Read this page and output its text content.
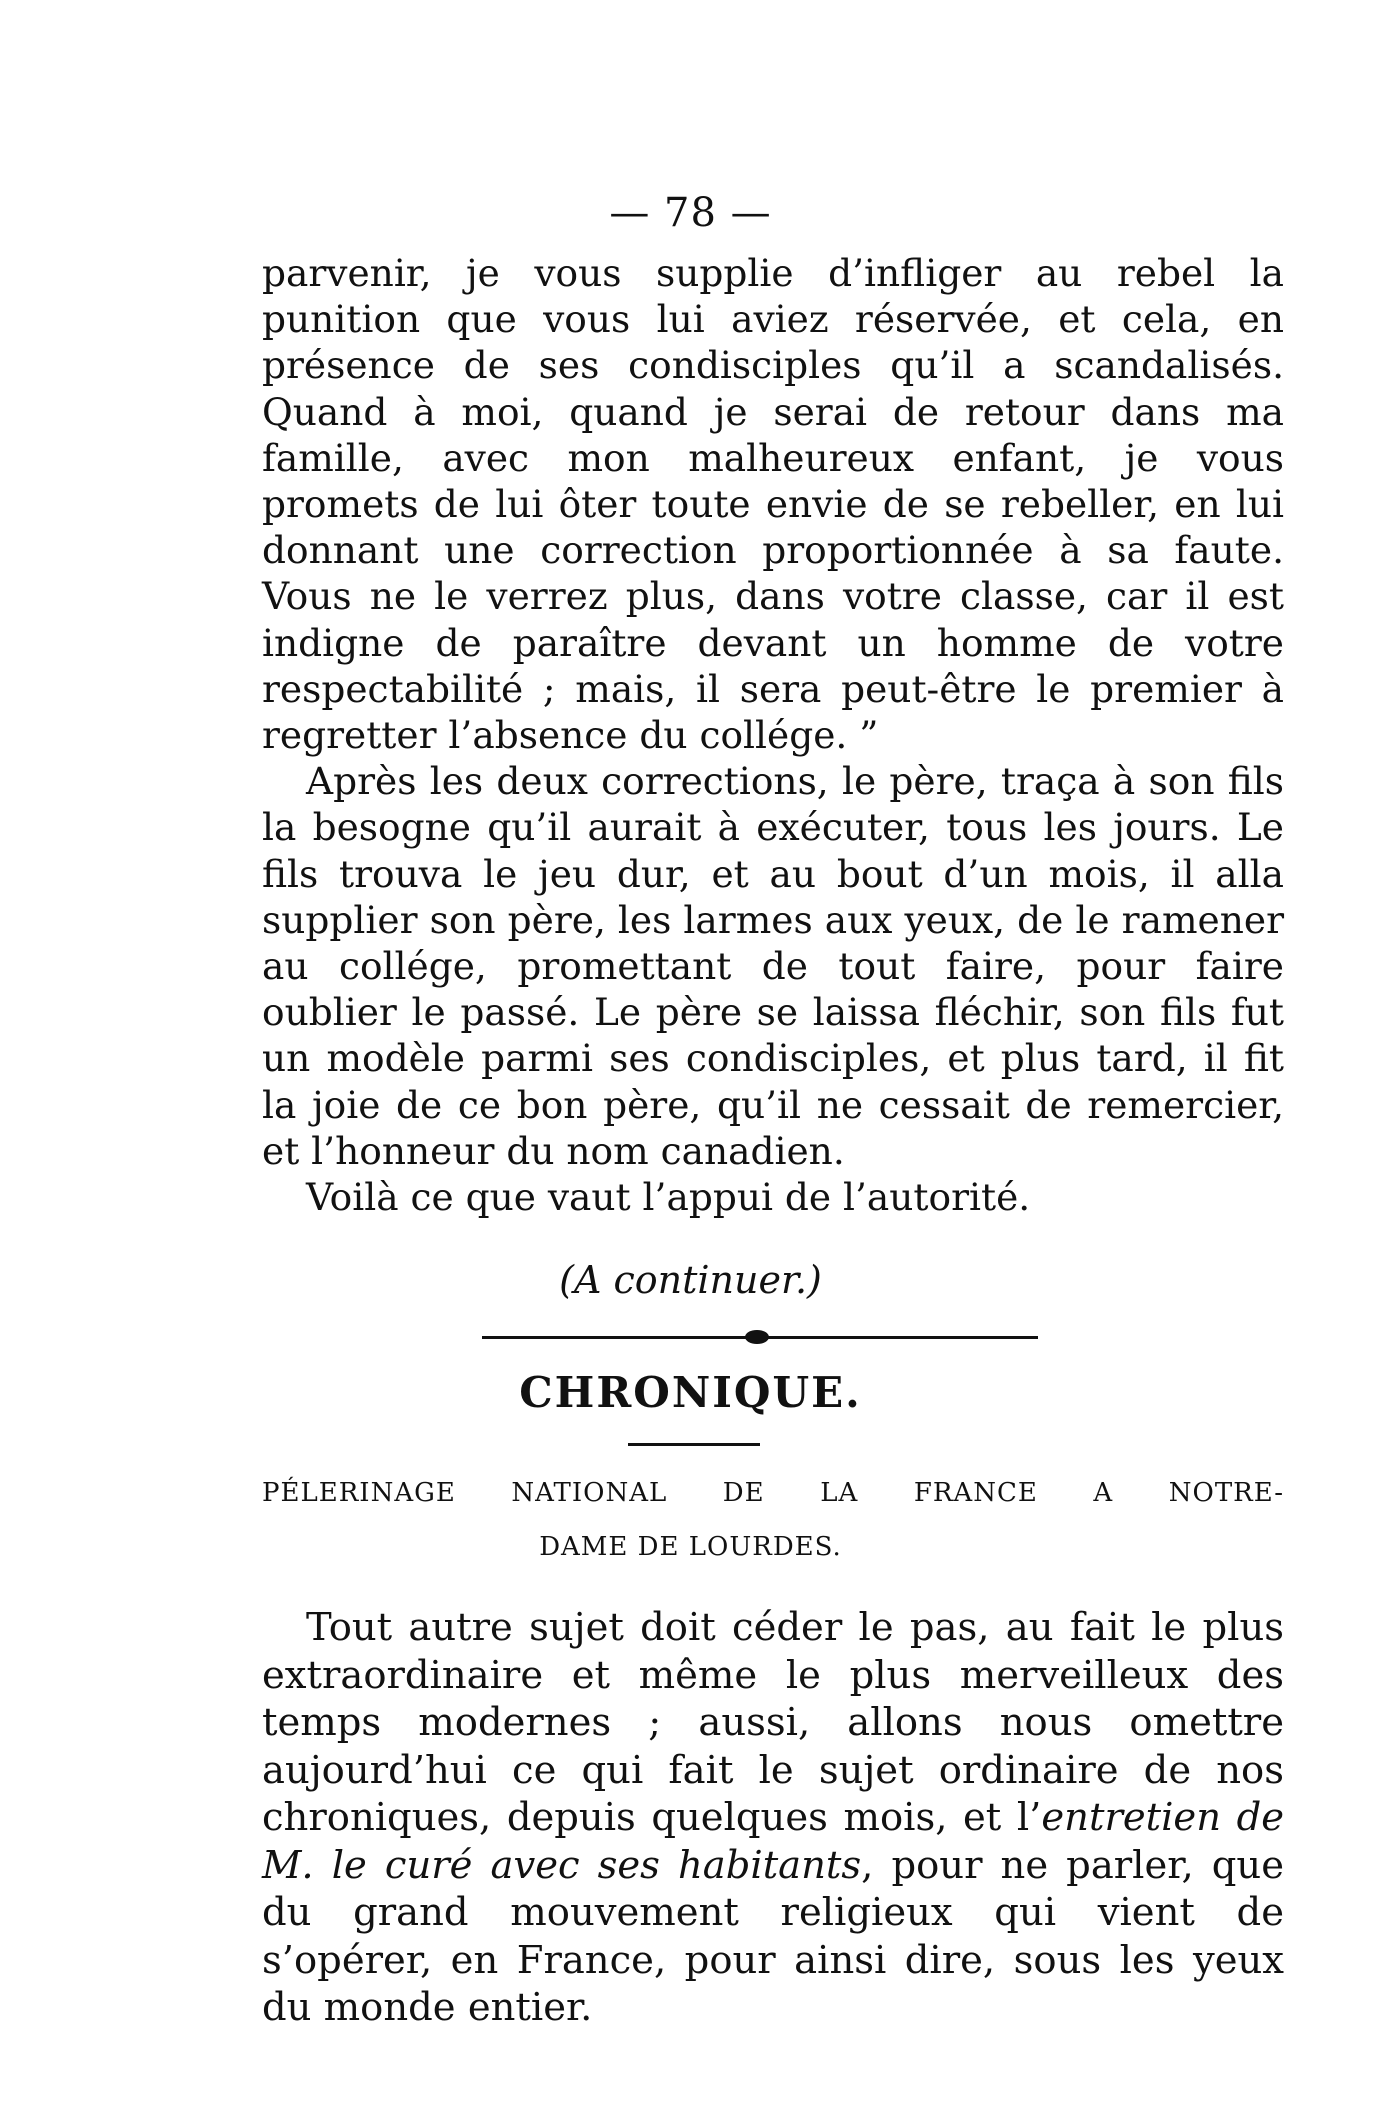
— 78 —

parvenir, je vous supplie d’infliger au rebel la punition que vous lui aviez réservée, et cela, en présence de ses condisciples qu’il a scandalisés. Quand à moi, quand je serai de retour dans ma famille, avec mon malheureux enfant, je vous promets de lui ôter toute envie de se rebeller, en lui donnant une correction proportionnée à sa faute. Vous ne le verrez plus, dans votre classe, car il est indigne de paraître devant un homme de votre respectabilité ; mais, il sera peut-être le premier à regretter l’absence du collége. ”

Après les deux corrections, le père, traça à son fils la besogne qu’il aurait à exécuter, tous les jours. Le fils trouva le jeu dur, et au bout d’un mois, il alla supplier son père, les larmes aux yeux, de le ramener au collége, promettant de tout faire, pour faire oublier le passé. Le père se laissa fléchir, son fils fut un modèle parmi ses condisciples, et plus tard, il fit la joie de ce bon père, qu’il ne cessait de remercier, et l’honneur du nom canadien.

Voilà ce que vaut l’appui de l’autorité.

(A continuer.)
CHRONIQUE.
PÉLERINAGE NATIONAL DE LA FRANCE A NOTRE-
DAME DE LOURDES.
Tout autre sujet doit céder le pas, au fait le plus extraordinaire et même le plus merveilleux des temps modernes ; aussi, allons nous omettre aujourd’hui ce qui fait le sujet ordinaire de nos chroniques, depuis quelques mois, et l’entretien de M. le curé avec ses habitants, pour ne parler, que du grand mouvement religieux qui vient de s’opérer, en France, pour ainsi dire, sous les yeux du monde entier.
